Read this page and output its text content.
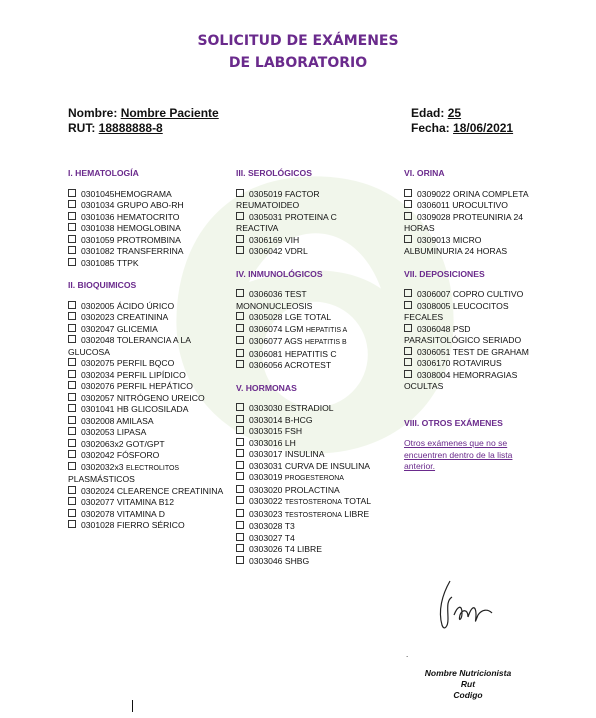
SOLICITUD DE EXÁMENES
DE LABORATORIO
Nombre: Nombre Paciente
RUT: 18888888-8
Edad: 25
Fecha: 18/06/2021
I. HEMATOLOGÍA
0301045HEMOGRAMA
0301034 GRUPO ABO-RH
0301036 HEMATOCRITO
0301038 HEMOGLOBINA
0301059 PROTROMBINA
0301082 TRANSFERRINA
0301085 TTPK
II. BIOQUIMICOS
0302005 ÁCIDO ÚRICO
0302023 CREATININA
0302047 GLICEMIA
0302048 TOLERANCIA A LA GLUCOSA
0302075 PERFIL BQCO
0302034 PERFIL LIPÍDICO
0302076 PERFIL HEPÁTICO
0302057 NITRÓGENO UREICO
0301041 HB GLICOSILADA
0302008 AMILASA
0302053 LIPASA
0302063x2 GOT/GPT
0302042 FÓSFORO
0302032x3 ELECTROLITOS PLASMÁSTICOS
0302024 CLEARENCE CREATININA
0302077 VITAMINA B12
0302078 VITAMINA D
0301028 FIERRO SÉRICO
III. SEROLÓGICOS
0305019 FACTOR REUMATOIDEO
0305031 PROTEINA C REACTIVA
0306169 VIH
0306042 VDRL
IV. INMUNOLÓGICOS
0306036 TEST MONONUCLEOSIS
0305028 LGE TOTAL
0306074 LGM HEPATITIS A
0306077 AGS HEPATITIS B
0306081 HEPATITIS C
0306056 ACROTEST
V. HORMONAS
0303030 ESTRADIOL
0303014 B-HCG
0303015 FSH
0303016 LH
0303017 INSULINA
0303031 CURVA DE INSULINA
0303019 PROGESTERONA
0303020 PROLACTINA
0303022 TESTOSTERONA TOTAL
0303023 TESTOSTERONA LIBRE
0303028 T3
0303027 T4
0303026 T4 LIBRE
0303046 SHBG
VI. ORINA
0309022 ORINA COMPLETA
0306011 UROCULTIVO
0309028 PROTEUNIRIA 24 HORAS
0309013 MICRO ALBUMINURIA 24 HORAS
VII. DEPOSICIONES
0306007 COPRO CULTIVO
0308005 LEUCOCITOS FECALES
0306048 PSD PARASITOLÓGICO SERIADO
0306051 TEST DE GRAHAM
0306170 ROTAVIRUS
0308004 HEMORRAGIAS OCULTAS
VIII. OTROS EXÁMENES
Otros exámenes que no se encuentren dentro de la lista anterior.
.
Nombre Nutricionista
Rut
Codigo
